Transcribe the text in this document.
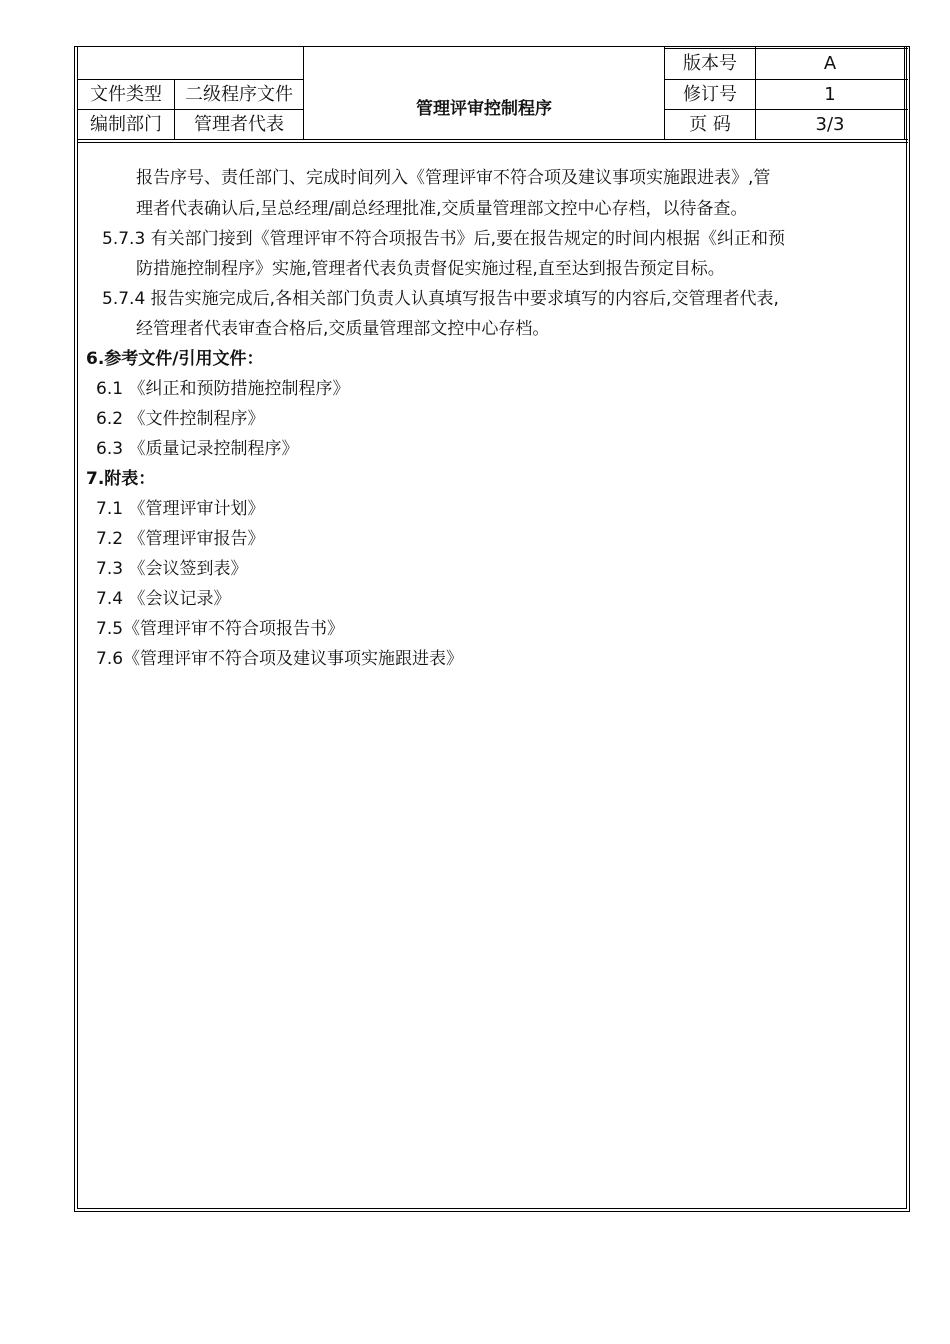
文件类型	二级程序文件
编制部门	管理者代表
管理评审控制程序
版本号	A
修订号	1
页 码	3/3
报告序号、责任部门、完成时间列入《管理评审不符合项及建议事项实施跟进表》,管
理者代表确认后,呈总经理/副总经理批准,交质量管理部文控中心存档，以待备查。
5.7.3 有关部门接到《管理评审不符合项报告书》后,要在报告规定的时间内根据《纠正和预
防措施控制程序》实施,管理者代表负责督促实施过程,直至达到报告预定目标。
5.7.4 报告实施完成后,各相关部门负责人认真填写报告中要求填写的内容后,交管理者代表,
经管理者代表审查合格后,交质量管理部文控中心存档。
6.参考文件/引用文件：
6.1 《纠正和预防措施控制程序》
6.2 《文件控制程序》
6.3 《质量记录控制程序》
7.附表：
7.1 《管理评审计划》
7.2 《管理评审报告》
7.3 《会议签到表》
7.4 《会议记录》
7.5《管理评审不符合项报告书》
7.6《管理评审不符合项及建议事项实施跟进表》
